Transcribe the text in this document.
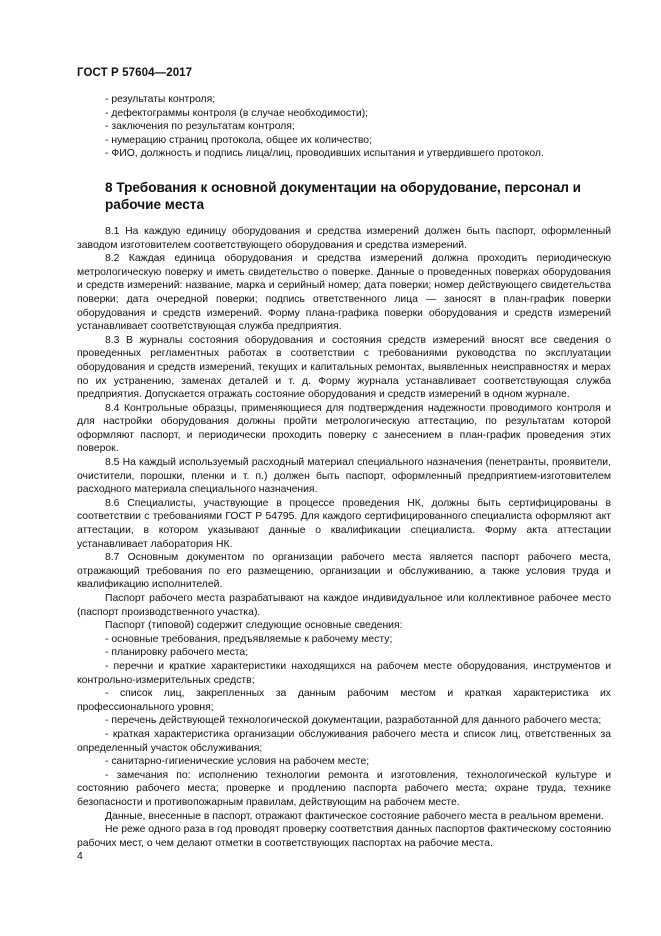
ГОСТ Р 57604—2017

- результаты контроля;

- дефектограммы контроля (в случае необходимости);

- заключения по результатам контроля;

- нумерацию страниц протокола, общее их количество;

- ФИО, должность и подпись лица/лиц, проводивших испытания и утвердившего протокол.

8 Требования к основной документации на оборудование, персонал и рабочие места

8.1 На каждую единицу оборудования и средства измерений должен быть паспорт, оформленный заводом изготовителем соответствующего оборудования и средства измерений.

8.2 Каждая единица оборудования и средства измерений должна проходить периодическую метрологическую поверку и иметь свидетельство о поверке. Данные о проведенных поверках оборудования и средств измерений: название, марка и серийный номер; дата поверки; номер действующего свидетельства поверки; дата очередной поверки; подпись ответственного лица — заносят в план-график поверки оборудования и средств измерений. Форму плана-графика поверки оборудования и средств измерений устанавливает соответствующая служба предприятия.

8.3 В журналы состояния оборудования и состояния средств измерений вносят все сведения о проведенных регламентных работах в соответствии с требованиями руководства по эксплуатации оборудования и средств измерений, текущих и капитальных ремонтах, выявленных неисправностях и мерах по их устранению, заменах деталей и т. д. Форму журнала устанавливает соответствующая служба предприятия. Допускается отражать состояние оборудования и средств измерений в одном журнале.

8.4 Контрольные образцы, применяющиеся для подтверждения надежности проводимого контроля и для настройки оборудования должны пройти метрологическую аттестацию, по результатам которой оформляют паспорт, и периодически проходить поверку с занесением в план-график проведения этих поверок.

8.5 На каждый используемый расходный материал специального назначения (пенетранты, проявители, очистители, порошки, пленки и т. п.) должен быть паспорт, оформленный предприятием-изготовителем расходного материала специального назначения.

8.6 Специалисты, участвующие в процессе проведения НК, должны быть сертифицированы в соответствии с требованиями ГОСТ Р 54795. Для каждого сертифицированного специалиста оформляют акт аттестации, в котором указывают данные о квалификации специалиста. Форму акта аттестации устанавливает лаборатория НК.

8.7 Основным документом по организации рабочего места является паспорт рабочего места, отражающий требования по его размещению, организации и обслуживанию, а также условия труда и квалификацию исполнителей.

Паспорт рабочего места разрабатывают на каждое индивидуальное или коллективное рабочее место (паспорт производственного участка).

Паспорт (типовой) содержит следующие основные сведения:

- основные требования, предъявляемые к рабочему месту;

- планировку рабочего места;

- перечни и краткие характеристики находящихся на рабочем месте оборудования, инструментов и контрольно-измерительных средств;

- список лиц, закрепленных за данным рабочим местом и краткая характеристика их профессионального уровня;

- перечень действующей технологической документации, разработанной для данного рабочего места;

- краткая характеристика организации обслуживания рабочего места и список лиц, ответственных за определенный участок обслуживания;

- санитарно-гигиенические условия на рабочем месте;

- замечания по: исполнению технологии ремонта и изготовления, технологической культуре и состоянию рабочего места; проверке и продлению паспорта рабочего места; охране труда, технике безопасности и противопожарным правилам, действующим на рабочем месте.

Данные, внесенные в паспорт, отражают фактическое состояние рабочего места в реальном времени.

Не реже одного раза в год проводят проверку соответствия данных паспортов фактическому состоянию рабочих мест, о чем делают отметки в соответствующих паспортах на рабочие места.

4
